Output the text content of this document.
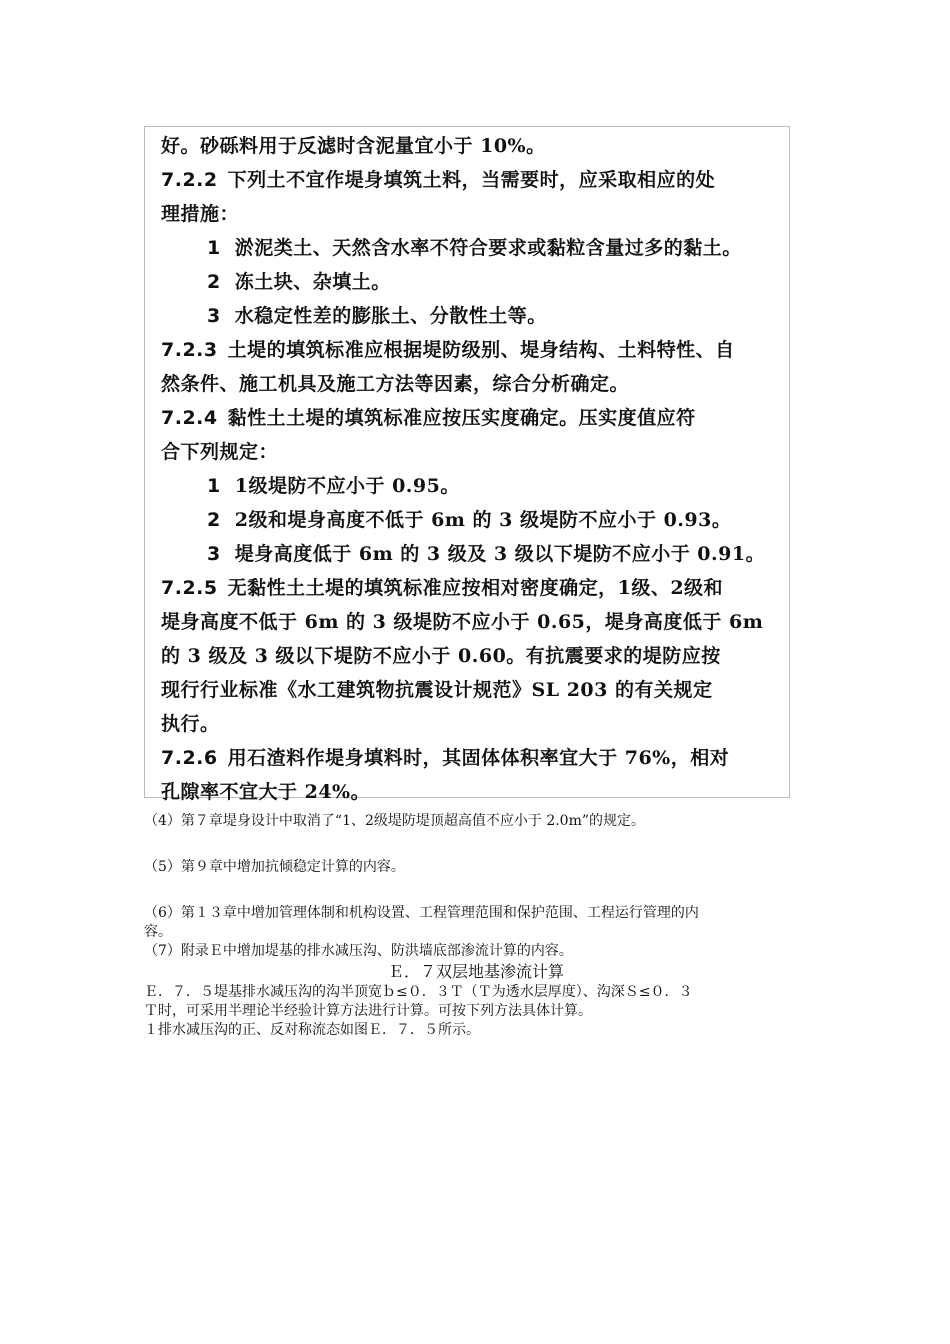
好。砂砾料用于反滤时含泥量宜小于 10%。

7.2.2 下列土不宜作堤身填筑土料，当需要时，应采取相应的处

理措施：

1 淤泥类土、天然含水率不符合要求或黏粒含量过多的黏土。

2 冻土块、杂填土。

3 水稳定性差的膨胀土、分散性土等。

7.2.3 土堤的填筑标准应根据堤防级别、堤身结构、土料特性、自

然条件、施工机具及施工方法等因素，综合分析确定。

7.2.4 黏性土土堤的填筑标准应按压实度确定。压实度值应符

合下列规定：

1 1级堤防不应小于 0.95。

2 2级和堤身高度不低于 6m 的 3 级堤防不应小于 0.93。

3 堤身高度低于 6m 的 3 级及 3 级以下堤防不应小于 0.91。

7.2.5 无黏性土土堤的填筑标准应按相对密度确定，1级、2级和

堤身高度不低于 6m 的 3 级堤防不应小于 0.65，堤身高度低于 6m

的 3 级及 3 级以下堤防不应小于 0.60。有抗震要求的堤防应按

现行行业标准《水工建筑物抗震设计规范》SL 203 的有关规定

执行。

7.2.6 用石渣料作堤身填料时，其固体体积率宜大于 76%，相对

孔隙率不宜大于 24%。

（4）第７章堤身设计中取消了“1、2级堤防堤顶超高值不应小于 2.0m”的规定。

（5）第９章中增加抗倾稳定计算的内容。

（6）第１３章中增加管理体制和机构设置、工程管理范围和保护范围、工程运行管理的内

容。

（7）附录Ｅ中增加堤基的排水减压沟、防洪墙底部渗流计算的内容。

Ｅ．７双层地基渗流计算

Ｅ．７．５堤基排水减压沟的沟半顶宽ｂ≤０．３Ｔ（Ｔ为透水层厚度）、沟深Ｓ≤０．３

Ｔ时，可采用半理论半经验计算方法进行计算。可按下列方法具体计算。

１排水减压沟的正、反对称流态如图Ｅ．７．５所示。
